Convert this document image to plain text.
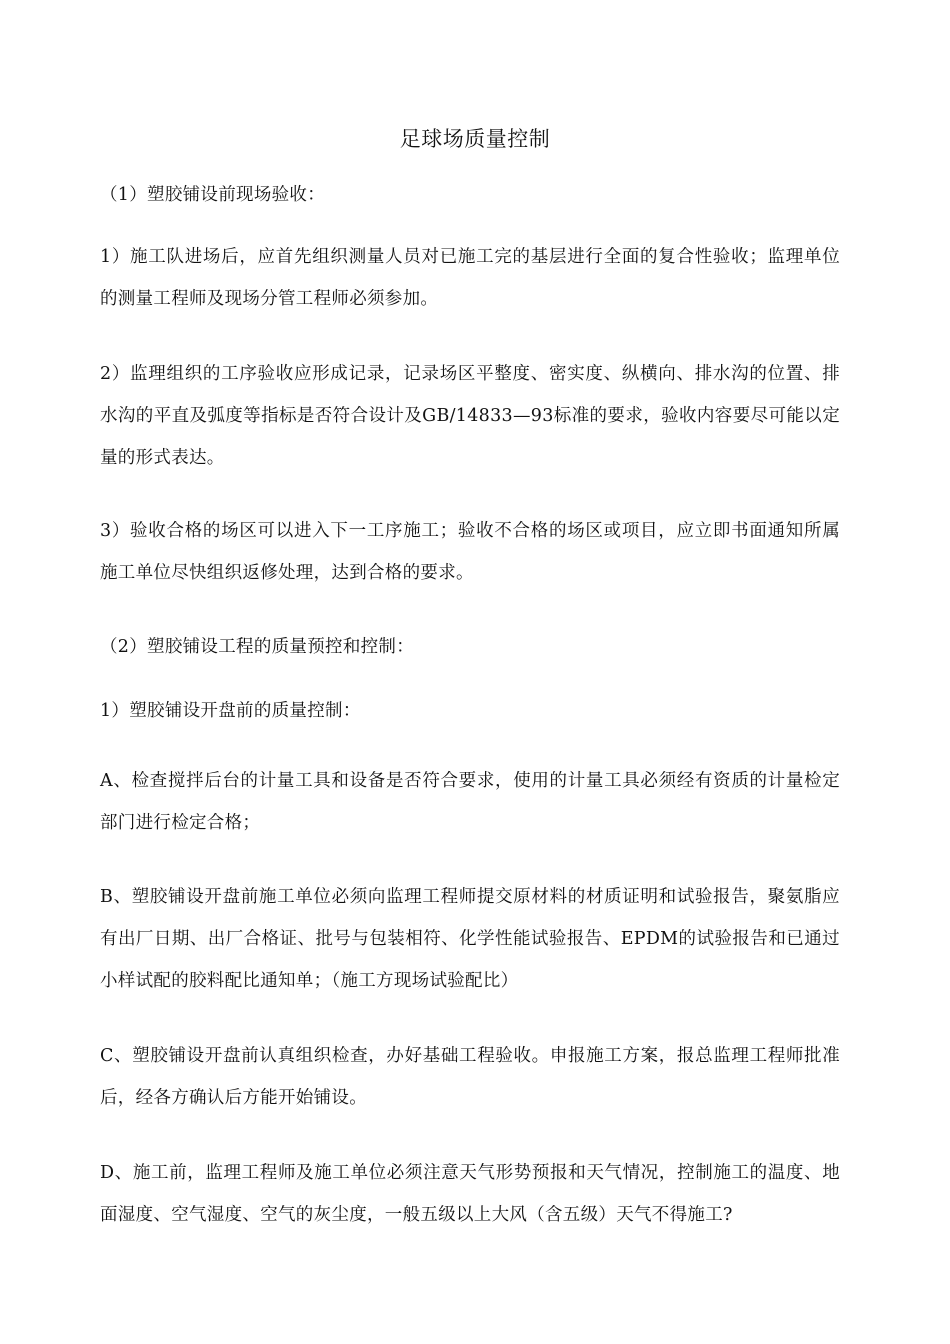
足球场质量控制
（1）塑胶铺设前现场验收：
1）施工队进场后，应首先组织测量人员对已施工完的基层进行全面的复合性验收；监理单位的测量工程师及现场分管工程师必须参加。
2）监理组织的工序验收应形成记录，记录场区平整度、密实度、纵横向、排水沟的位置、排水沟的平直及弧度等指标是否符合设计及GB/14833—93标准的要求，验收内容要尽可能以定量的形式表达。
3）验收合格的场区可以进入下一工序施工；验收不合格的场区或项目，应立即书面通知所属施工单位尽快组织返修处理，达到合格的要求。
（2）塑胶铺设工程的质量预控和控制：
1）塑胶铺设开盘前的质量控制：
A、检查搅拌后台的计量工具和设备是否符合要求，使用的计量工具必须经有资质的计量检定部门进行检定合格；
B、塑胶铺设开盘前施工单位必须向监理工程师提交原材料的材质证明和试验报告，聚氨脂应有出厂日期、出厂合格证、批号与包装相符、化学性能试验报告、EPDM的试验报告和已通过小样试配的胶料配比通知单；（施工方现场试验配比）
C、塑胶铺设开盘前认真组织检查，办好基础工程验收。申报施工方案，报总监理工程师批准后，经各方确认后方能开始铺设。
D、施工前，监理工程师及施工单位必须注意天气形势预报和天气情况，控制施工的温度、地面湿度、空气湿度、空气的灰尘度，一般五级以上大风（含五级）天气不得施工?
